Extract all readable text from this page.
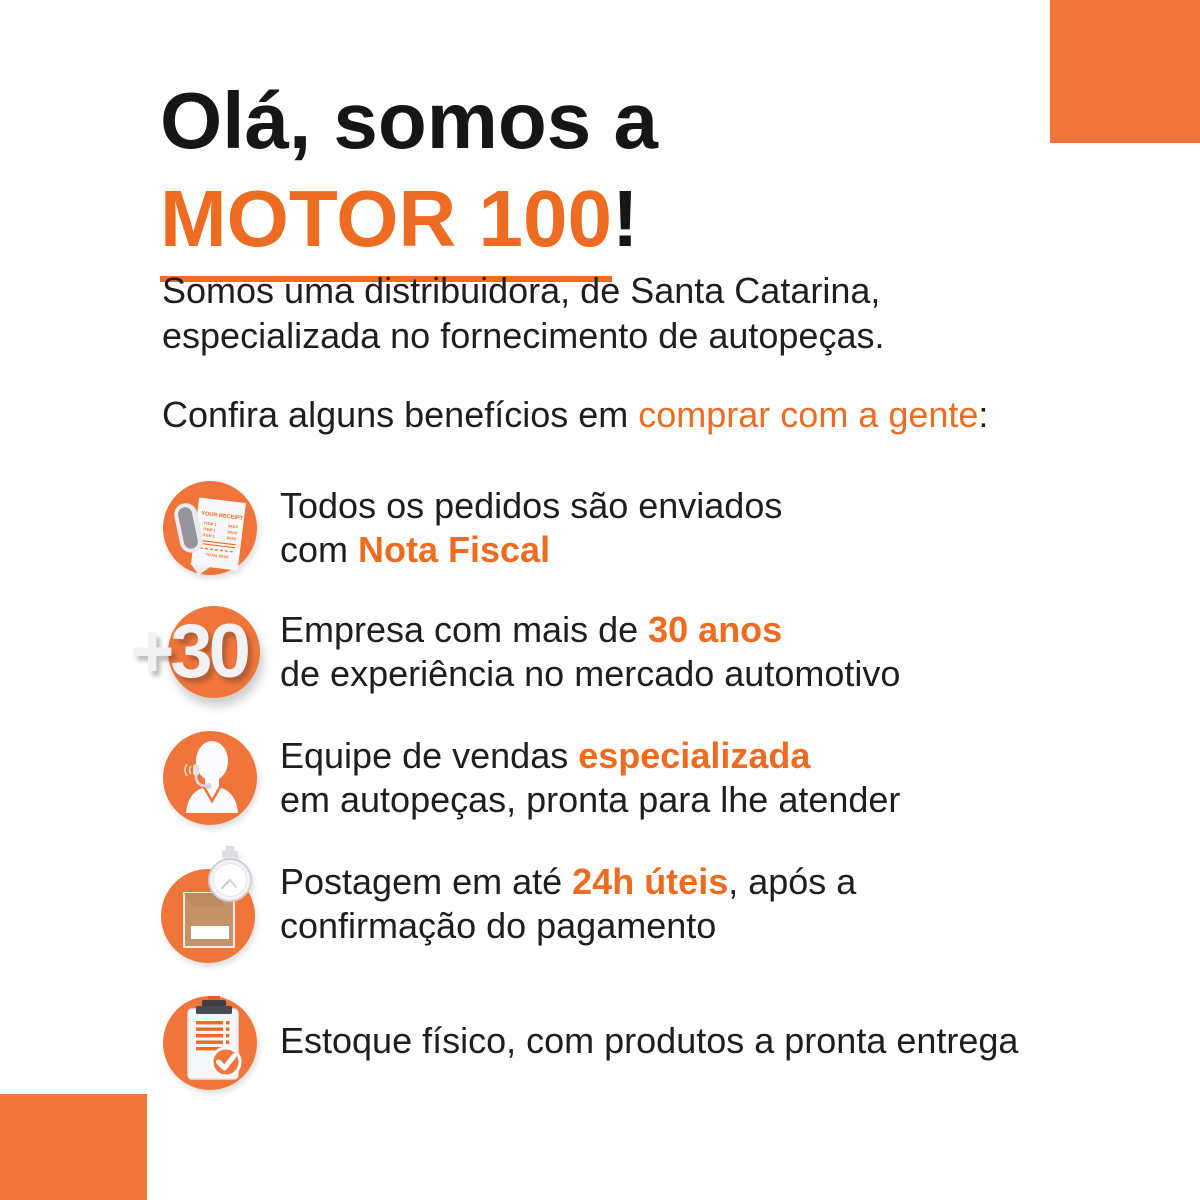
Olá, somos a
MOTOR 100!

Somos uma distribuidora, de Santa Catarina,
especializada no fornecimento de autopeças.

Confira alguns benefícios em comprar com a gente:

YOUR RECEIPT
ITEM 1
$XXX
ITEM 1
$XXX
ITEM 1
$XXX
TOTAL $XXX
Todos os pedidos são enviados
com Nota Fiscal
+30 Empresa com mais de 30 anos
de experiência no mercado automotivo
Equipe de vendas especializada
em autopeças, pronta para lhe atender
Postagem em até 24h úteis, após a
confirmação do pagamento
Estoque físico, com produtos a pronta entrega
